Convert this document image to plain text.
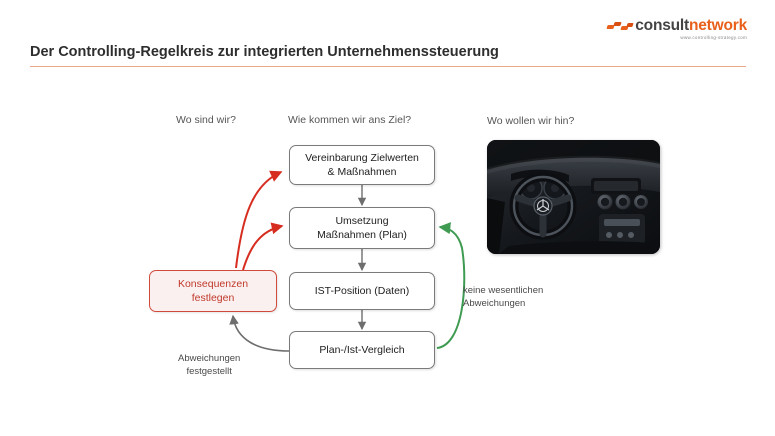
consultnetwork
www.controlling-strategy.com
Der Controlling-Regelkreis zur integrierten Unternehmenssteuerung
Wo sind wir?	Wie kommen wir ans Ziel?	Wo wollen wir hin?
Vereinbarung Zielwerten
& Maßnahmen
Umsetzung
Maßnahmen (Plan)
IST-Position (Daten)
Plan-/Ist-Vergleich
Konsequenzen
festlegen
keine wesentlichen
Abweichungen
Abweichungen
festgestellt
